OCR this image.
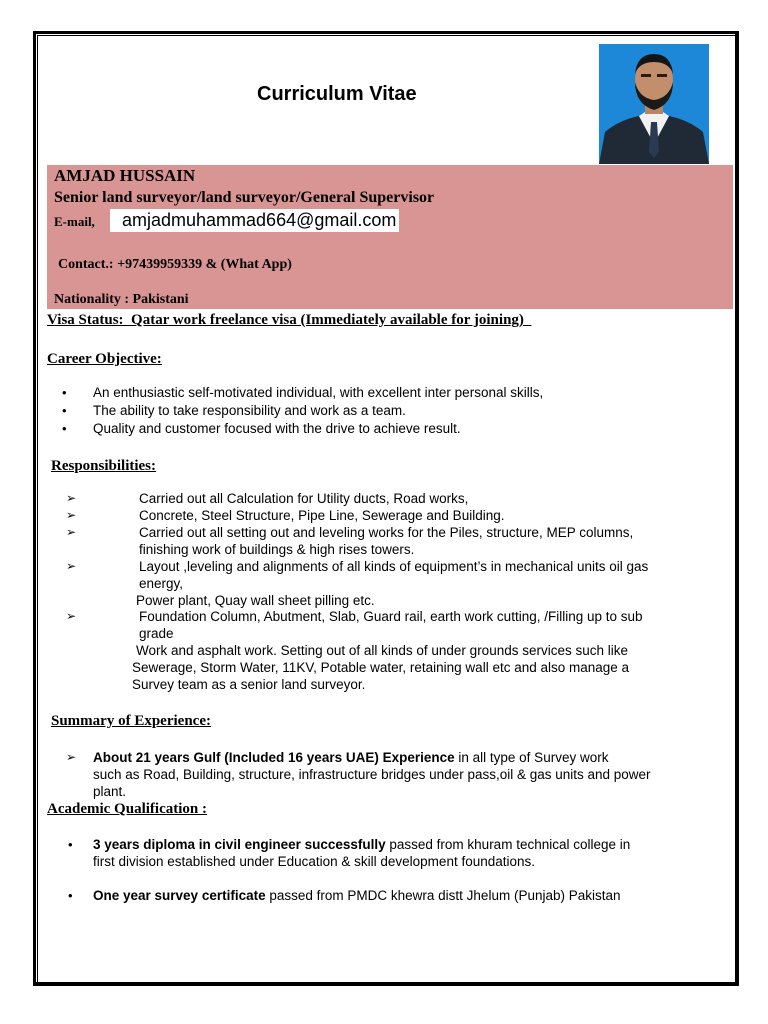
Curriculum Vitae
AMJAD HUSSAIN
Senior land surveyor/land surveyor/General Supervisor
E-mail,	amjadmuhammad664@gmail.com
Contact.: +97439959339 & (What App)
Nationality : Pakistani
Visa Status:  Qatar work freelance visa (Immediately available for joining)
Career Objective:
• An enthusiastic self-motivated individual, with excellent inter personal skills,
• The ability to take responsibility and work as a team.
• Quality and customer focused with the drive to achieve result.
Responsibilities:
➢	Carried out all Calculation for Utility ducts, Road works,
➢	Concrete, Steel Structure, Pipe Line, Sewerage and Building.
➢	Carried out all setting out and leveling works for the Piles, structure, MEP columns,
finishing work of buildings & high rises towers.
➢	Layout ,leveling and alignments of all kinds of equipment’s in mechanical units oil gas
energy,
Power plant, Quay wall sheet pilling etc.
➢	Foundation Column, Abutment, Slab, Guard rail, earth work cutting, /Filling up to sub
grade
Work and asphalt work. Setting out of all kinds of under grounds services such like
Sewerage, Storm Water, 11KV, Potable water, retaining wall etc and also manage a
Survey team as a senior land surveyor.
Summary of Experience:
➢ About 21 years Gulf (Included 16 years UAE) Experience in all type of Survey work
such as Road, Building, structure, infrastructure bridges under pass,oil & gas units and power
plant.
Academic Qualification :
• 3 years diploma in civil engineer successfully passed from khuram technical college in
first division established under Education & skill development foundations.
• One year survey certificate passed from PMDC khewra distt Jhelum (Punjab) Pakistan
